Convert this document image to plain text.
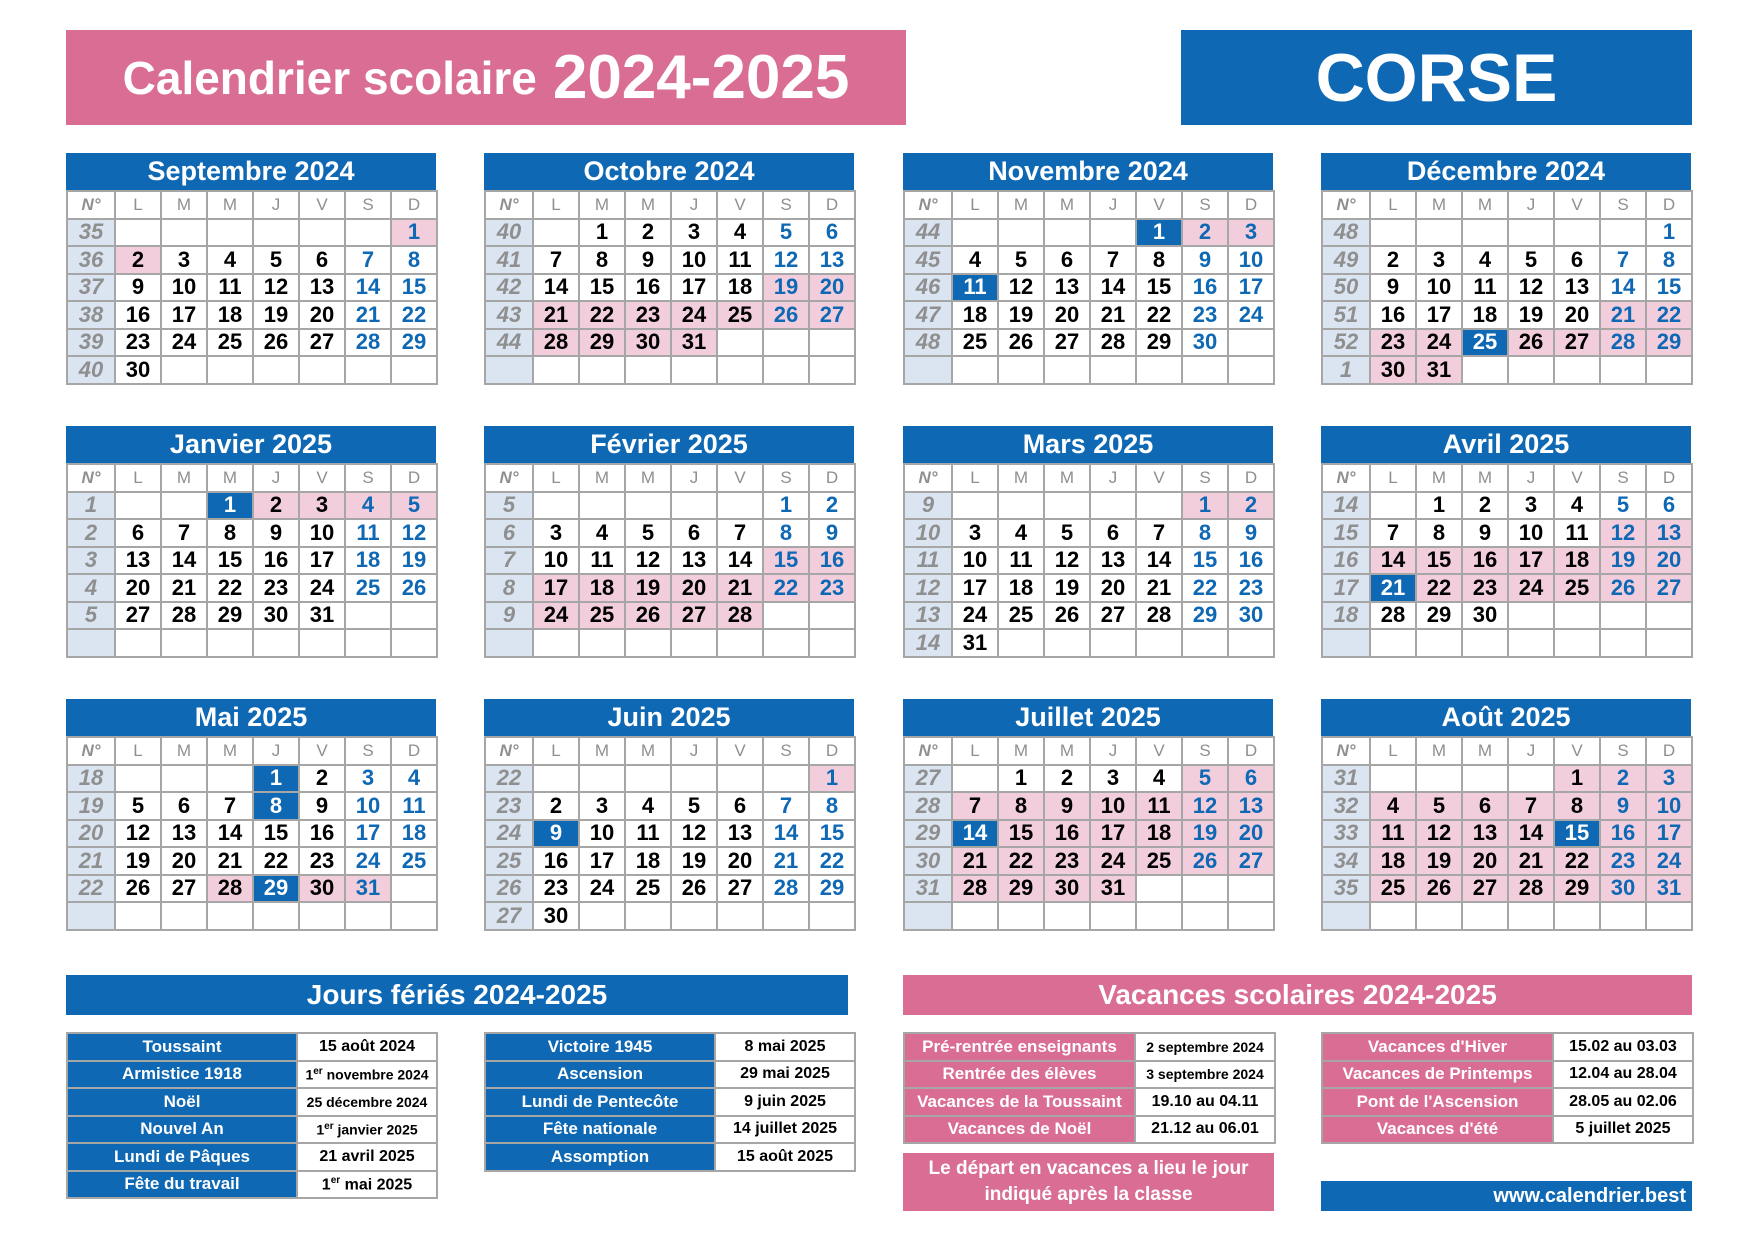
Calendrier scolaire 2024-2025	CORSE
Septembre 2024
N°	L	M	M	J	V	S	D
35							1
36	2	3	4	5	6	7	8
37	9	10	11	12	13	14	15
38	16	17	18	19	20	21	22
39	23	24	25	26	27	28	29
40	30						
Octobre 2024
N°	L	M	M	J	V	S	D
40		1	2	3	4	5	6
41	7	8	9	10	11	12	13
42	14	15	16	17	18	19	20
43	21	22	23	24	25	26	27
44	28	29	30	31			

Novembre 2024
N°	L	M	M	J	V	S	D
44					1	2	3
45	4	5	6	7	8	9	10
46	11	12	13	14	15	16	17
47	18	19	20	21	22	23	24
48	25	26	27	28	29	30	

Décembre 2024
N°	L	M	M	J	V	S	D
48							1
49	2	3	4	5	6	7	8
50	9	10	11	12	13	14	15
51	16	17	18	19	20	21	22
52	23	24	25	26	27	28	29
1	30	31					
Janvier 2025
N°	L	M	M	J	V	S	D
1			1	2	3	4	5
2	6	7	8	9	10	11	12
3	13	14	15	16	17	18	19
4	20	21	22	23	24	25	26
5	27	28	29	30	31		

Février 2025
N°	L	M	M	J	V	S	D
5						1	2
6	3	4	5	6	7	8	9
7	10	11	12	13	14	15	16
8	17	18	19	20	21	22	23
9	24	25	26	27	28		

Mars 2025
N°	L	M	M	J	V	S	D
9						1	2
10	3	4	5	6	7	8	9
11	10	11	12	13	14	15	16
12	17	18	19	20	21	22	23
13	24	25	26	27	28	29	30
14	31						
Avril 2025
N°	L	M	M	J	V	S	D
14		1	2	3	4	5	6
15	7	8	9	10	11	12	13
16	14	15	16	17	18	19	20
17	21	22	23	24	25	26	27
18	28	29	30				

Mai 2025
N°	L	M	M	J	V	S	D
18				1	2	3	4
19	5	6	7	8	9	10	11
20	12	13	14	15	16	17	18
21	19	20	21	22	23	24	25
22	26	27	28	29	30	31	

Juin 2025
N°	L	M	M	J	V	S	D
22							1
23	2	3	4	5	6	7	8
24	9	10	11	12	13	14	15
25	16	17	18	19	20	21	22
26	23	24	25	26	27	28	29
27	30						
Juillet 2025
N°	L	M	M	J	V	S	D
27		1	2	3	4	5	6
28	7	8	9	10	11	12	13
29	14	15	16	17	18	19	20
30	21	22	23	24	25	26	27
31	28	29	30	31			

Août 2025
N°	L	M	M	J	V	S	D
31					1	2	3
32	4	5	6	7	8	9	10
33	11	12	13	14	15	16	17
34	18	19	20	21	22	23	24
35	25	26	27	28	29	30	31

Jours fériés 2024-2025	Vacances scolaires 2024-2025
Toussaint	15 août 2024
Armistice 1918	1er novembre 2024
Noël	25 décembre 2024
Nouvel An	1er janvier 2025
Lundi de Pâques	21 avril 2025
Fête du travail	1er mai 2025
Victoire 1945	8 mai 2025
Ascension	29 mai 2025
Lundi de Pentecôte	9 juin 2025
Fête nationale	14 juillet 2025
Assomption	15 août 2025
Pré-rentrée enseignants	2 septembre 2024
Rentrée des élèves	3 septembre 2024
Vacances de la Toussaint	19.10 au 04.11
Vacances de Noël	21.12 au 06.01
Vacances d'Hiver	15.02 au 03.03
Vacances de Printemps	12.04 au 28.04
Pont de l'Ascension	28.05 au 02.06
Vacances d'été	5 juillet 2025
Le départ en vacances a lieu le jour indiqué après la classe	www.calendrier.best
